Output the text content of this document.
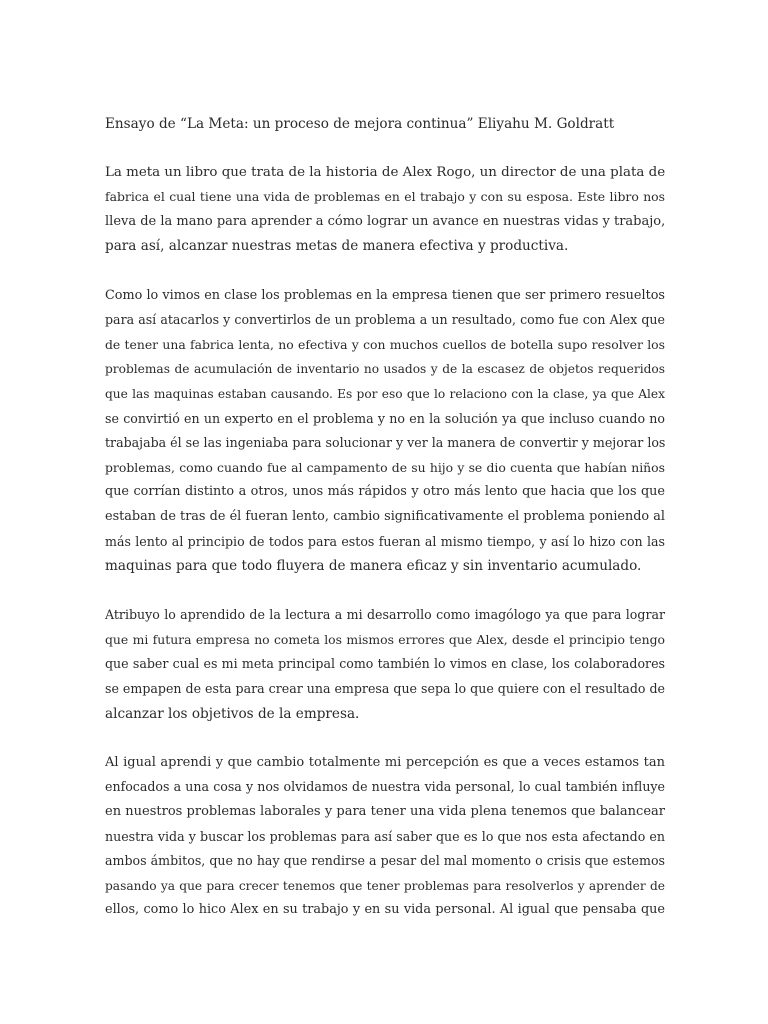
Ensayo de “La Meta: un proceso de mejora continua” Eliyahu M. Goldratt
La meta un libro que trata de la historia de Alex Rogo, un director de una plata de
fabrica el cual tiene una vida de problemas en el trabajo y con su esposa. Este libro nos
lleva de la mano para aprender a cómo lograr un avance en nuestras vidas y trabajo,
para así, alcanzar nuestras metas de manera efectiva y productiva.
Como lo vimos en clase los problemas en la empresa tienen que ser primero resueltos
para así atacarlos y convertirlos de un problema a un resultado, como fue con Alex que
de tener una fabrica lenta, no efectiva y con muchos cuellos de botella supo resolver los
problemas de acumulación de inventario no usados y de la escasez de objetos requeridos
que las maquinas estaban causando. Es por eso que lo relaciono con la clase, ya que Alex
se convirtió en un experto en el problema y no en la solución ya que incluso cuando no
trabajaba él se las ingeniaba para solucionar y ver la manera de convertir y mejorar los
problemas, como cuando fue al campamento de su hijo y se dio cuenta que habían niños
que corrían distinto a otros, unos más rápidos y otro más lento que hacia que los que
estaban de tras de él fueran lento, cambio significativamente el problema poniendo al
más lento al principio de todos para estos fueran al mismo tiempo, y así lo hizo con las
maquinas para que todo fluyera de manera eficaz y sin inventario acumulado.
Atribuyo lo aprendido de la lectura a mi desarrollo como imagólogo ya que para lograr
que mi futura empresa no cometa los mismos errores que Alex, desde el principio tengo
que saber cual es mi meta principal como también lo vimos en clase, los colaboradores
se empapen de esta para crear una empresa que sepa lo que quiere con el resultado de
alcanzar los objetivos de la empresa.
Al igual aprendi y que cambio totalmente mi percepción es que a veces estamos tan
enfocados a una cosa y nos olvidamos de nuestra vida personal, lo cual también influye
en nuestros problemas laborales y para tener una vida plena tenemos que balancear
nuestra vida y buscar los problemas para así saber que es lo que nos esta afectando en
ambos ámbitos, que no hay que rendirse a pesar del mal momento o crisis que estemos
pasando ya que para crecer tenemos que tener problemas para resolverlos y aprender de
ellos, como lo hico Alex en su trabajo y en su vida personal. Al igual que pensaba que
